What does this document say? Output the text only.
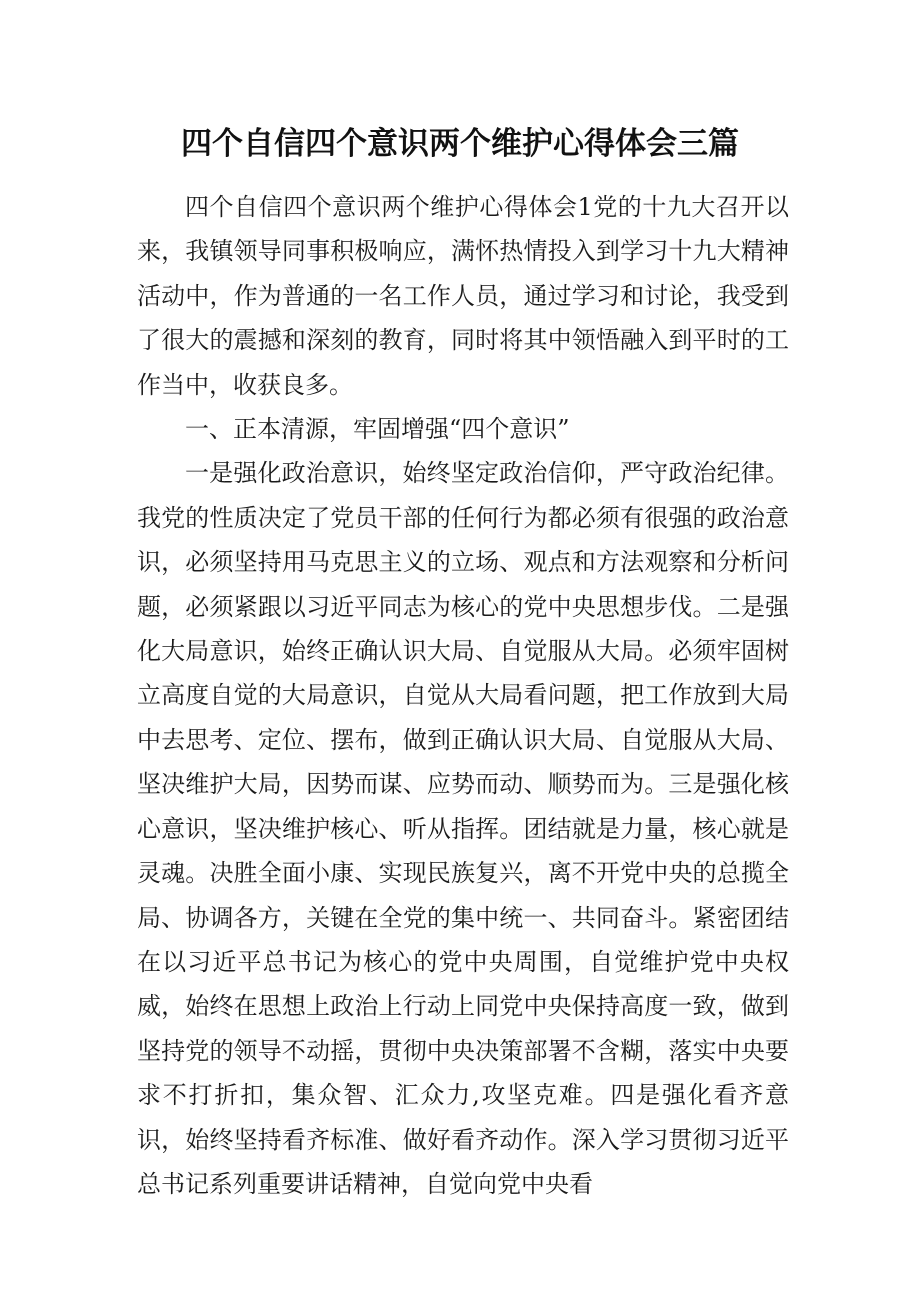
四个自信四个意识两个维护心得体会三篇

四个自信四个意识两个维护心得体会1党的十九大召开以来，我镇领导同事积极响应，满怀热情投入到学习十九大精神活动中，作为普通的一名工作人员，通过学习和讨论，我受到了很大的震撼和深刻的教育，同时将其中领悟融入到平时的工作当中，收获良多。

一、正本清源，牢固增强“四个意识”

一是强化政治意识，始终坚定政治信仰，严守政治纪律。我党的性质决定了党员干部的任何行为都必须有很强的政治意识，必须坚持用马克思主义的立场、观点和方法观察和分析问题，必须紧跟以习近平同志为核心的党中央思想步伐。二是强化大局意识，始终正确认识大局、自觉服从大局。必须牢固树立高度自觉的大局意识，自觉从大局看问题，把工作放到大局中去思考、定位、摆布，做到正确认识大局、自觉服从大局、坚决维护大局，因势而谋、应势而动、顺势而为。三是强化核心意识，坚决维护核心、听从指挥。团结就是力量，核心就是灵魂。决胜全面小康、实现民族复兴，离不开党中央的总揽全局、协调各方，关键在全党的集中统一、共同奋斗。紧密团结在以习近平总书记为核心的党中央周围，自觉维护党中央权威，始终在思想上政治上行动上同党中央保持高度一致，做到坚持党的领导不动摇，贯彻中央决策部署不含糊，落实中央要求不打折扣，集众智、汇众力,攻坚克难。四是强化看齐意识，始终坚持看齐标准、做好看齐动作。深入学习贯彻习近平总书记系列重要讲话精神，自觉向党中央看
